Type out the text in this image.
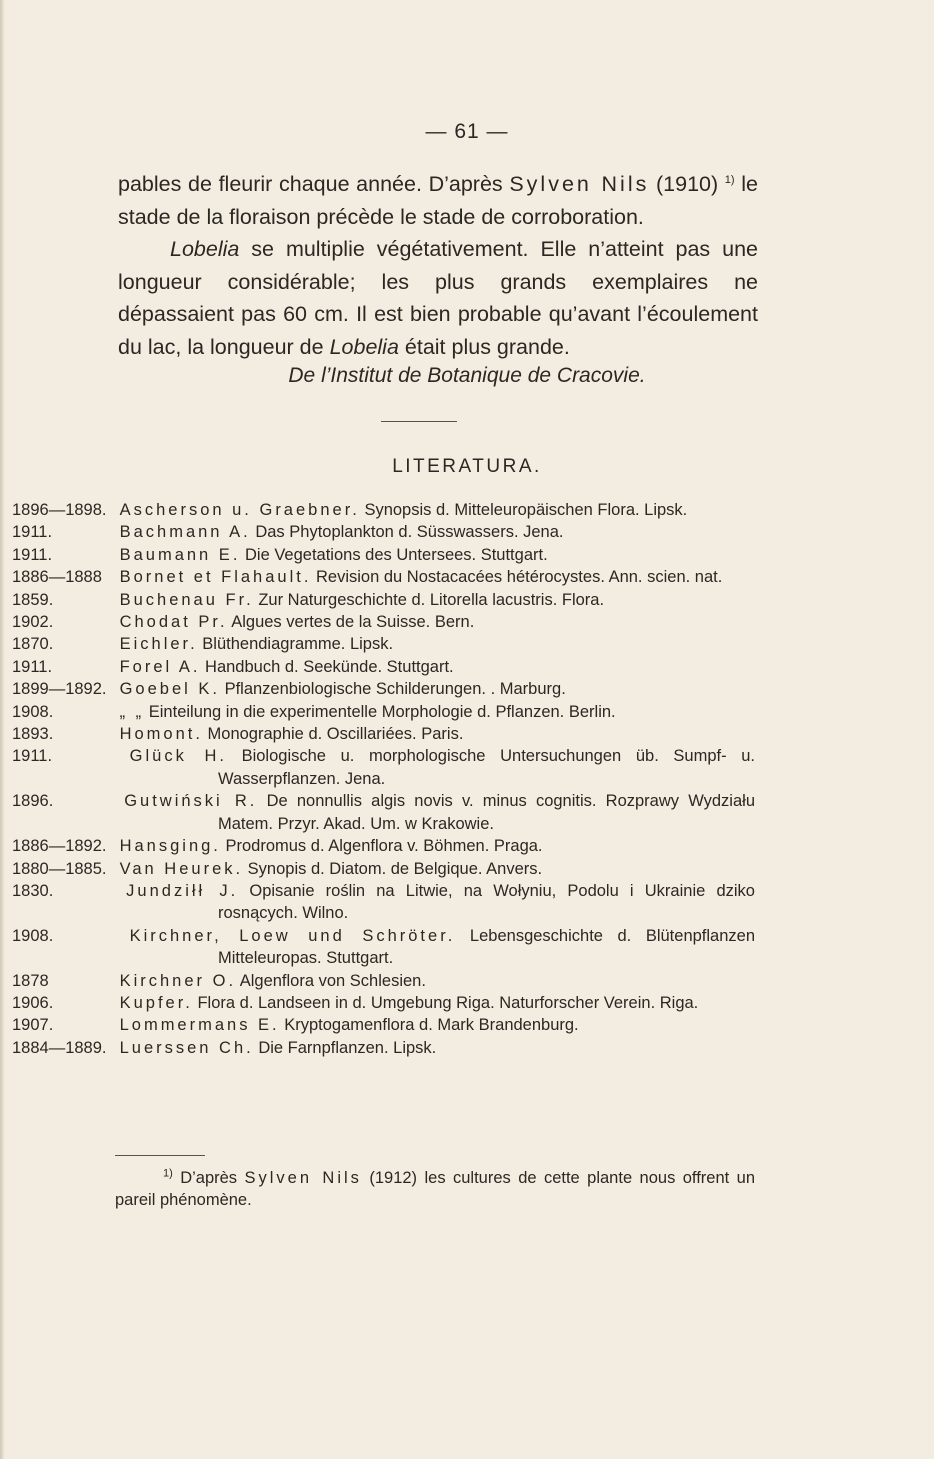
— 61 —

pables de fleurir chaque année. D’après Sylven Nils (1910) $^{1)}$ le stade de la floraison précède le stade de corroboration.

Lobelia se multiplie végétativement. Elle n’atteint pas une longueur considérable; les plus grands exemplaires ne dépassaient pas 60 cm. Il est bien probable qu’avant l’écoulement du lac, la longueur de Lobelia était plus grande.

De l’Institut de Botanique de Cracovie.
LITERATURA.
1896—1898. Ascherson u. Graebner. Synopsis d. Mitteleuropäischen Flora. Lipsk.
1911.	Bachmann A. Das Phytoplankton d. Süsswassers. Jena.
1911.	Baumann E. Die Vegetations des Untersees. Stuttgart.
1886—1888 Bornet et Flahault. Revision du Nostacacées hétérocystes. Ann. scien. nat.
1859.	Buchenau Fr. Zur Naturgeschichte d. Litorella lacustris. Flora.
1902.	Chodat Pr. Algues vertes de la Suisse. Bern.
1870.	Eichler. Blüthendiagramme. Lipsk.
1911.	Forel A. Handbuch d. Seekünde. Stuttgart.
1899—1892. Goebel K. Pflanzenbiologische Schilderungen. . Marburg.
1908.	„ „ Einteilung in die experimentelle Morphologie d. Pflanzen. Berlin.
1893.	Homont. Monographie d. Oscillariées. Paris.
1911.	Glück H. Biologische u. morphologische Untersuchungen üb. Sumpf- u. Wasserpflanzen. Jena.
1896.	Gutwiński R. De nonnullis algis novis v. minus cognitis. Rozprawy Wydziału Matem. Przyr. Akad. Um. w Krakowie.
1886—1892. Hansging. Prodromus d. Algenflora v. Böhmen. Praga.
1880—1885. Van Heurek. Synopis d. Diatom. de Belgique. Anvers.
1830.	Jundziłł J. Opisanie roślin na Litwie, na Wołyniu, Podolu i Ukrainie dziko rosnących. Wilno.
1908.	Kirchner, Loew und Schröter. Lebensgeschichte d. Blütenpflanzen Mitteleuropas. Stuttgart.
1878	Kirchner O. Algenflora von Schlesien.
1906.	Kupfer. Flora d. Landseen in d. Umgebung Riga. Naturforscher Verein. Riga.
1907.	Lommermans E. Kryptogamenflora d. Mark Brandenburg.
1884—1889. Luerssen Ch. Die Farnpflanzen. Lipsk.
$^{1)}$ D’après Sylven Nils (1912) les cultures de cette plante nous offrent un pareil phénomène.
